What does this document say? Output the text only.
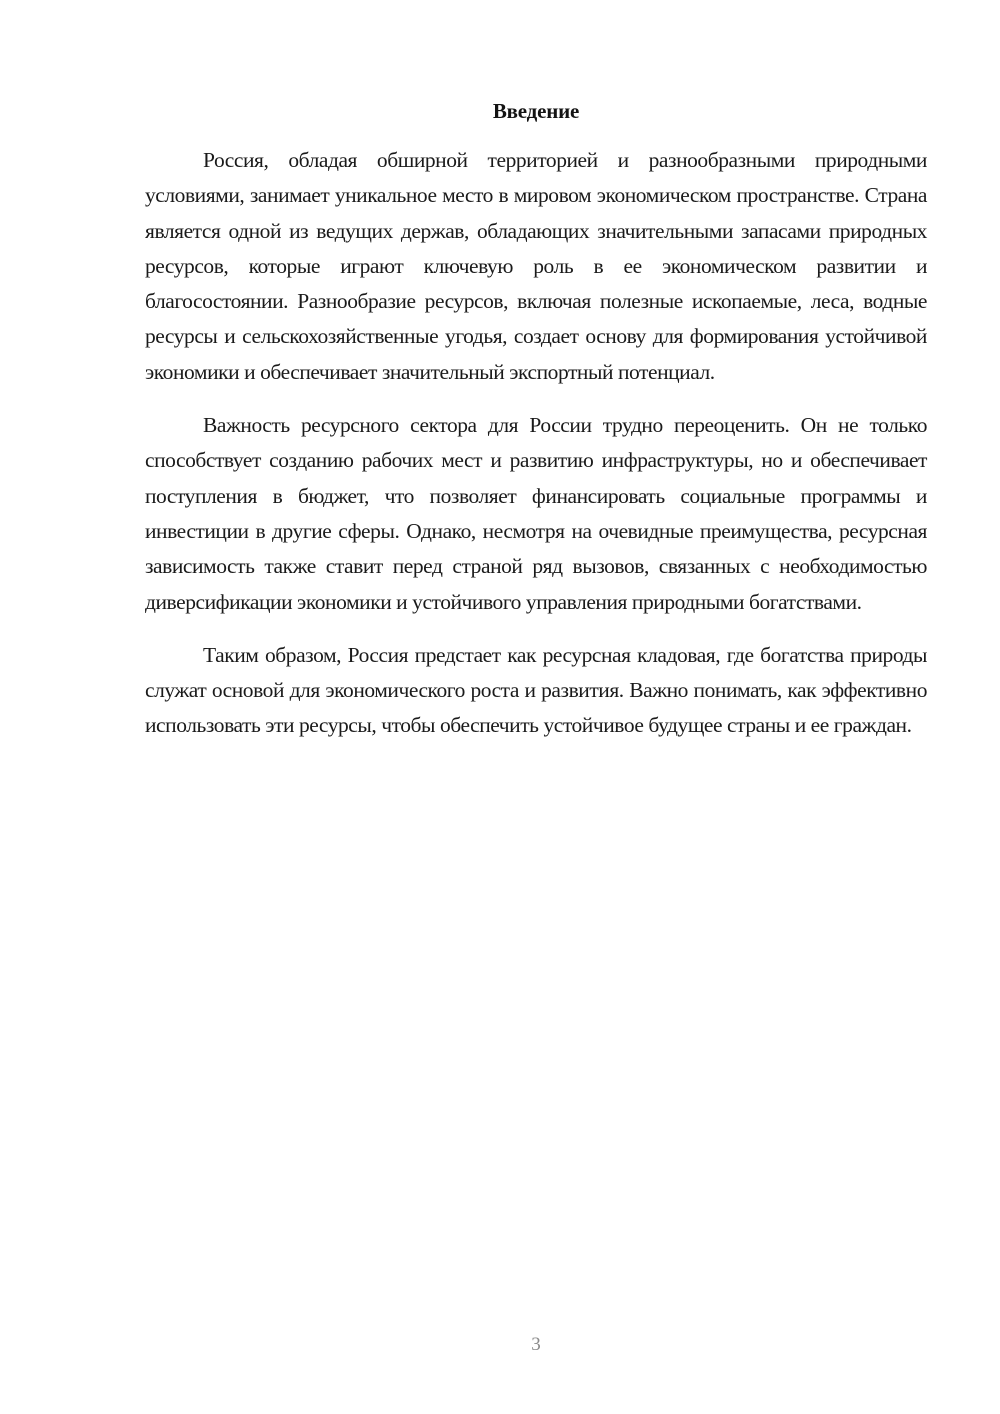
Введение

Россия, обладая обширной территорией и разнообразными природными условиями, занимает уникальное место в мировом экономическом пространстве. Страна является одной из ведущих держав, обладающих значительными запасами природных ресурсов, которые играют ключевую роль в ее экономическом развитии и благосостоянии. Разнообразие ресурсов, включая полезные ископаемые, леса, водные ресурсы и сельскохозяйственные угодья, создает основу для формирования устойчивой экономики и обеспечивает значительный экспортный потенциал.

Важность ресурсного сектора для России трудно переоценить. Он не только способствует созданию рабочих мест и развитию инфраструктуры, но и обеспечивает поступления в бюджет, что позволяет финансировать социальные программы и инвестиции в другие сферы. Однако, несмотря на очевидные преимущества, ресурсная зависимость также ставит перед страной ряд вызовов, связанных с необходимостью диверсификации экономики и устойчивого управления природными богатствами.

Таким образом, Россия предстает как ресурсная кладовая, где богатства природы служат основой для экономического роста и развития. Важно понимать, как эффективно использовать эти ресурсы, чтобы обеспечить устойчивое будущее страны и ее граждан.

3
